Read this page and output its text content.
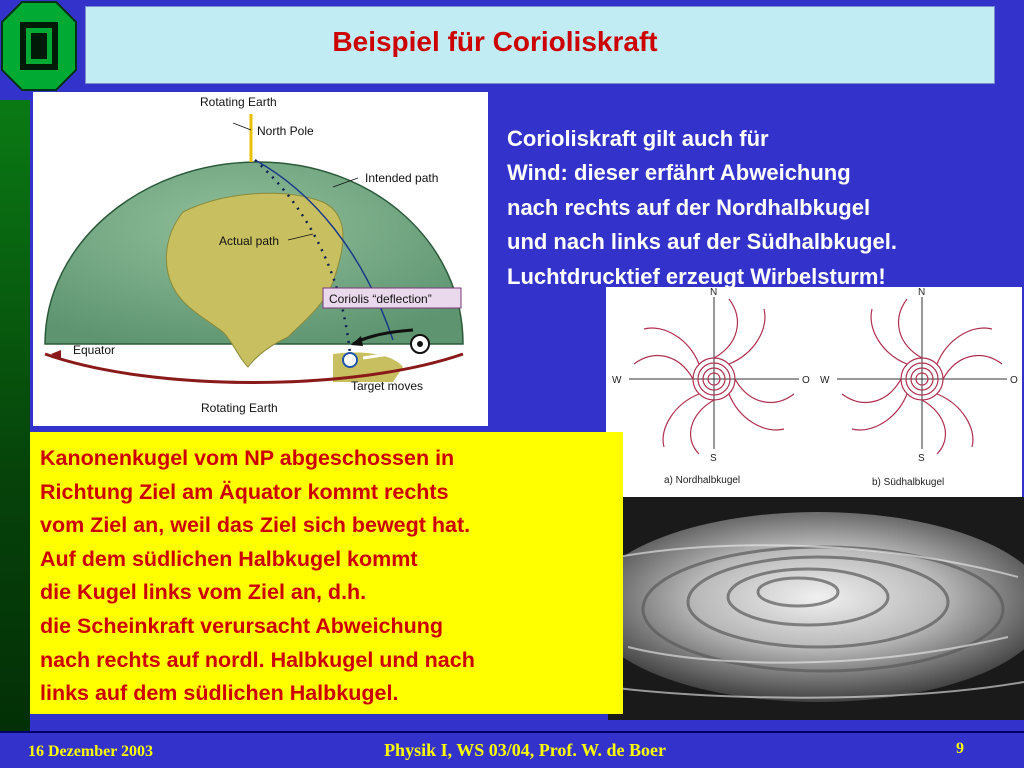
Beispiel für Corioliskraft
Rotating Earth
North Pole
Intended path
Actual path
Coriolis “deflection”
Equator
Target moves
Rotating Earth
Corioliskraft gilt auch für
Wind: dieser erfährt Abweichung
nach rechts auf der Nordhalbkugel
und nach links auf der Südhalbkugel.
Luchtdrucktief erzeugt Wirbelsturm!
N
S
W	O
a) Nordhalbkugel
N
S
W	O
b) Südhalbkugel
Kanonenkugel vom NP abgeschossen in
Richtung Ziel am Äquator kommt rechts
vom Ziel an, weil das Ziel sich bewegt hat.
Auf dem südlichen Halbkugel kommt
die Kugel links vom Ziel an, d.h.
die Scheinkraft verursacht Abweichung
nach rechts auf nordl. Halbkugel und nach
links auf dem südlichen Halbkugel.
16 Dezember 2003	Physik I, WS 03/04, Prof. W. de Boer	9
